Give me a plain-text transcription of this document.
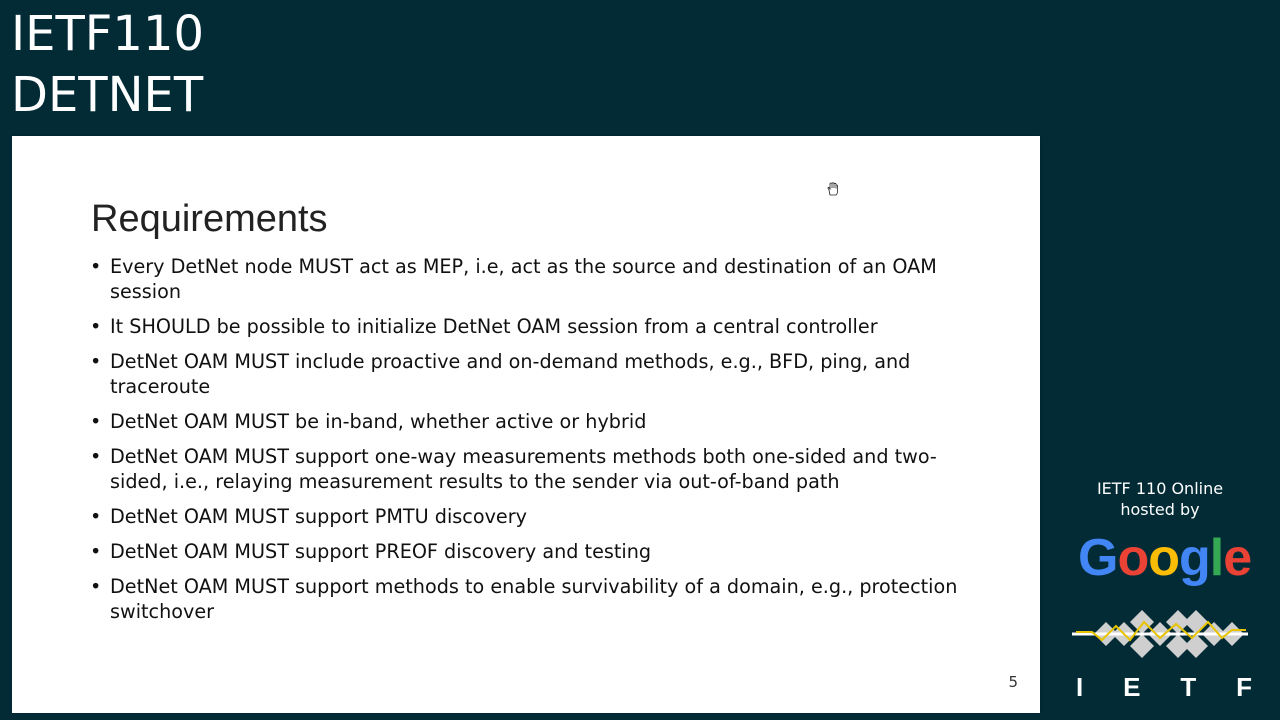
IETF110
DETNET
Requirements
• Every DetNet node MUST act as MEP, i.e, act as the source and destination of an OAM session
• It SHOULD be possible to initialize DetNet OAM session from a central controller
• DetNet OAM MUST include proactive and on-demand methods, e.g., BFD, ping, and traceroute
• DetNet OAM MUST be in-band, whether active or hybrid
• DetNet OAM MUST support one-way measurements methods both one-sided and two-sided, i.e., relaying measurement results to the sender via out-of-band path
• DetNet OAM MUST support PMTU discovery
• DetNet OAM MUST support PREOF discovery and testing
• DetNet OAM MUST support methods to enable survivability of a domain, e.g., protection switchover
5
IETF 110 Online
hosted by
Google
I E T F
